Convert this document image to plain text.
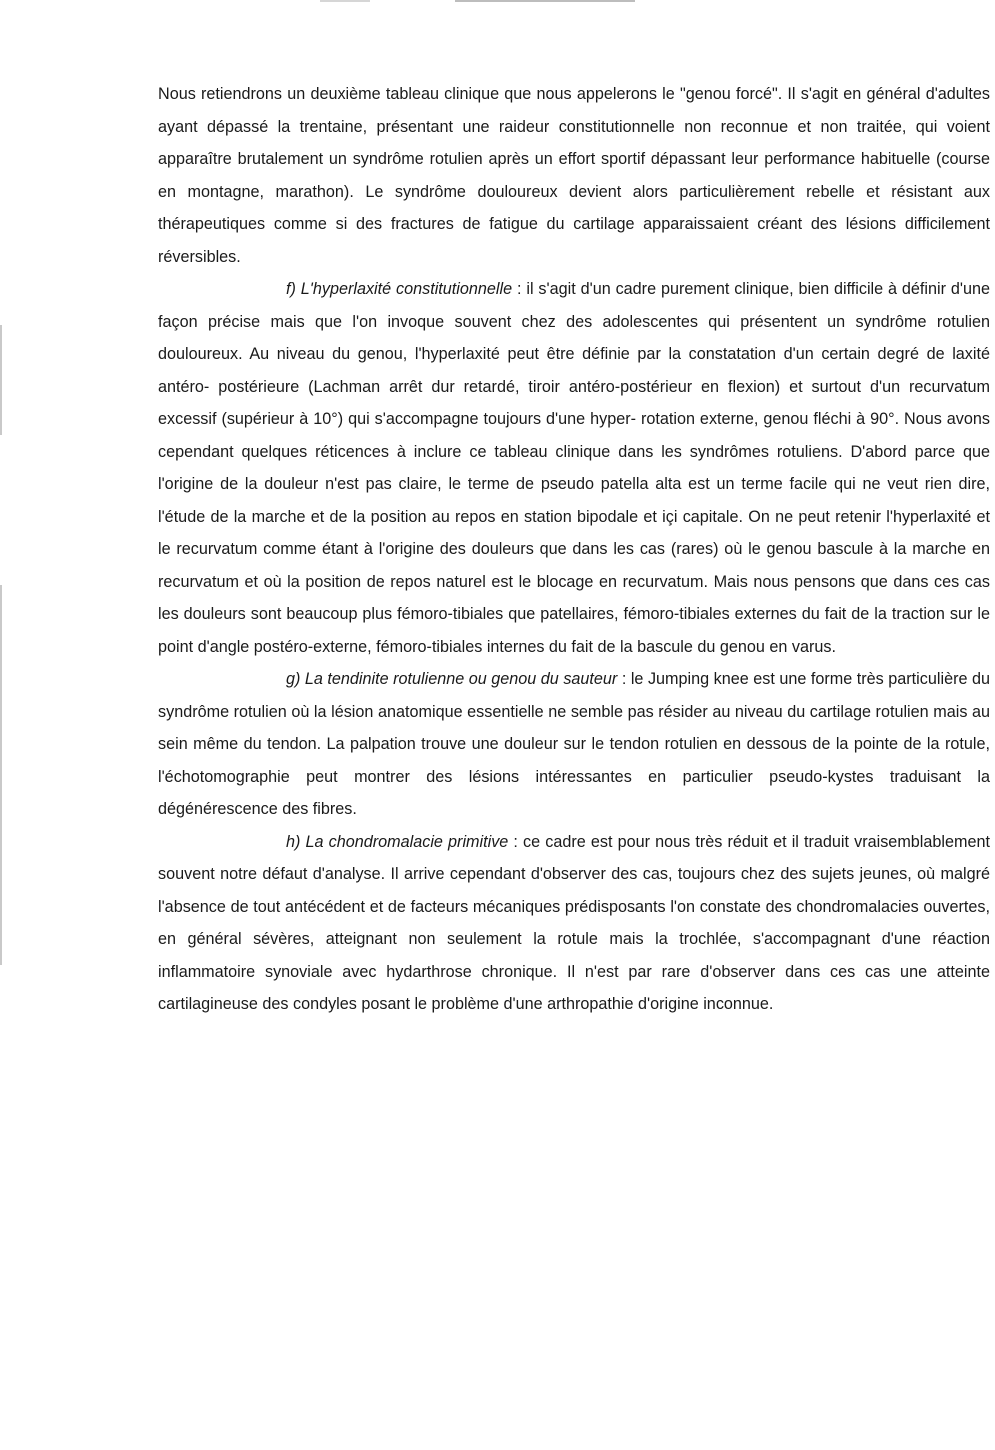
Nous retiendrons un deuxième tableau clinique que nous appelerons le "genou forcé". Il s'agit en général d'adultes ayant dépassé la trentaine, présentant une raideur constitutionnelle non reconnue et non traitée, qui voient apparaître brutalement un syndrôme rotulien après un effort sportif dépassant leur performance habituelle (course en montagne, marathon). Le syndrôme douloureux devient alors particulièrement rebelle et résistant aux thérapeutiques comme si des fractures de fatigue du cartilage apparaissaient créant des lésions difficilement réversibles.

f) L'hyperlaxité constitutionnelle : il s'agit d'un cadre purement clinique, bien difficile à définir d'une façon précise mais que l'on invoque souvent chez des adolescentes qui présentent un syndrôme rotulien douloureux. Au niveau du genou, l'hyperlaxité peut être définie par la constatation d'un certain degré de laxité antéro- postérieure (Lachman arrêt dur retardé, tiroir antéro-postérieur en flexion) et surtout d'un recurvatum excessif (supérieur à 10°) qui s'accompagne toujours d'une hyper- rotation externe, genou fléchi à 90°. Nous avons cependant quelques réticences à inclure ce tableau clinique dans les syndrômes rotuliens. D'abord parce que l'origine de la douleur n'est pas claire, le terme de pseudo patella alta est un terme facile qui ne veut rien dire, l'étude de la marche et de la position au repos en station bipodale et içi capitale. On ne peut retenir l'hyperlaxité et le recurvatum comme étant à l'origine des douleurs que dans les cas (rares) où le genou bascule à la marche en recurvatum et où la position de repos naturel est le blocage en recurvatum. Mais nous pensons que dans ces cas les douleurs sont beaucoup plus fémoro-tibiales que patellaires, fémoro-tibiales externes du fait de la traction sur le point d'angle postéro-externe, fémoro-tibiales internes du fait de la bascule du genou en varus.

g) La tendinite rotulienne ou genou du sauteur : le Jumping knee est une forme très particulière du syndrôme rotulien où la lésion anatomique essentielle ne semble pas résider au niveau du cartilage rotulien mais au sein même du tendon. La palpation trouve une douleur sur le tendon rotulien en dessous de la pointe de la rotule, l'échotomographie peut montrer des lésions intéressantes en particulier pseudo-kystes traduisant la dégénérescence des fibres.

h) La chondromalacie primitive : ce cadre est pour nous très réduit et il traduit vraisemblablement souvent notre défaut d'analyse. Il arrive cependant d'observer des cas, toujours chez des sujets jeunes, où malgré l'absence de tout antécédent et de facteurs mécaniques prédisposants l'on constate des chondromalacies ouvertes, en général sévères, atteignant non seulement la rotule mais la trochlée, s'accompagnant d'une réaction inflammatoire synoviale avec hydarthrose chronique. Il n'est par rare d'observer dans ces cas une atteinte cartilagineuse des condyles posant le problème d'une arthropathie d'origine inconnue.
